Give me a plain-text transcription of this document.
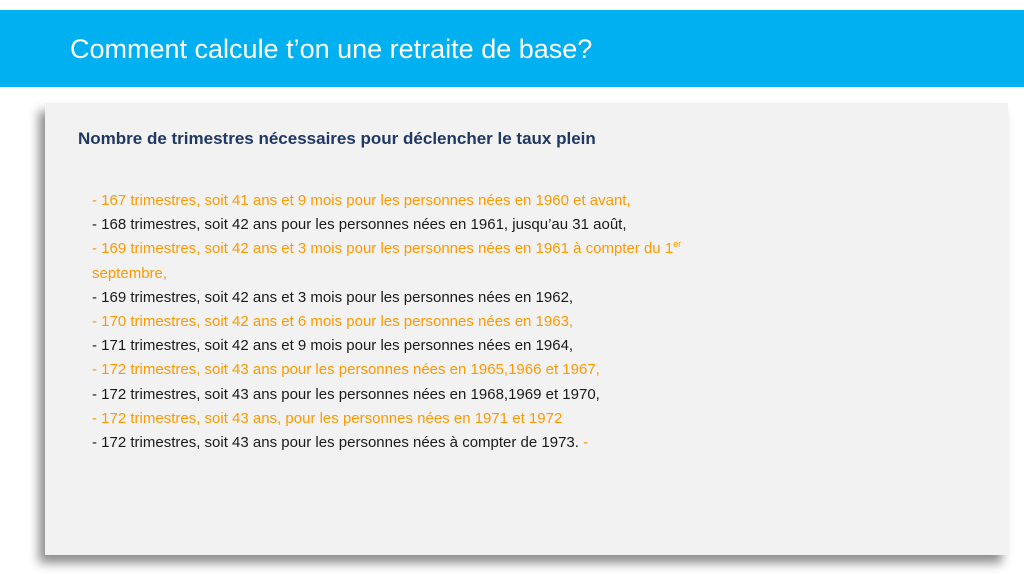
Comment calcule t’on une retraite de base?
Nombre de trimestres nécessaires pour déclencher le taux plein
- 167 trimestres, soit 41 ans et 9 mois pour les personnes nées en 1960 et avant,
- 168 trimestres, soit 42 ans pour les personnes nées en 1961, jusqu’au 31 août,
- 169 trimestres, soit 42 ans et 3 mois pour les personnes nées en 1961 à compter du 1er
septembre,
- 169 trimestres, soit 42 ans et 3 mois pour les personnes nées en 1962,
- 170 trimestres, soit 42 ans et 6 mois pour les personnes nées en 1963,
- 171 trimestres, soit 42 ans et 9 mois pour les personnes nées en 1964,
- 172 trimestres, soit 43 ans pour les personnes nées en 1965,1966 et 1967,
- 172 trimestres, soit 43 ans pour les personnes nées en 1968,1969 et 1970,
- 172 trimestres, soit 43 ans, pour les personnes nées en 1971 et 1972
- 172 trimestres, soit 43 ans pour les personnes nées à compter de 1973. -
